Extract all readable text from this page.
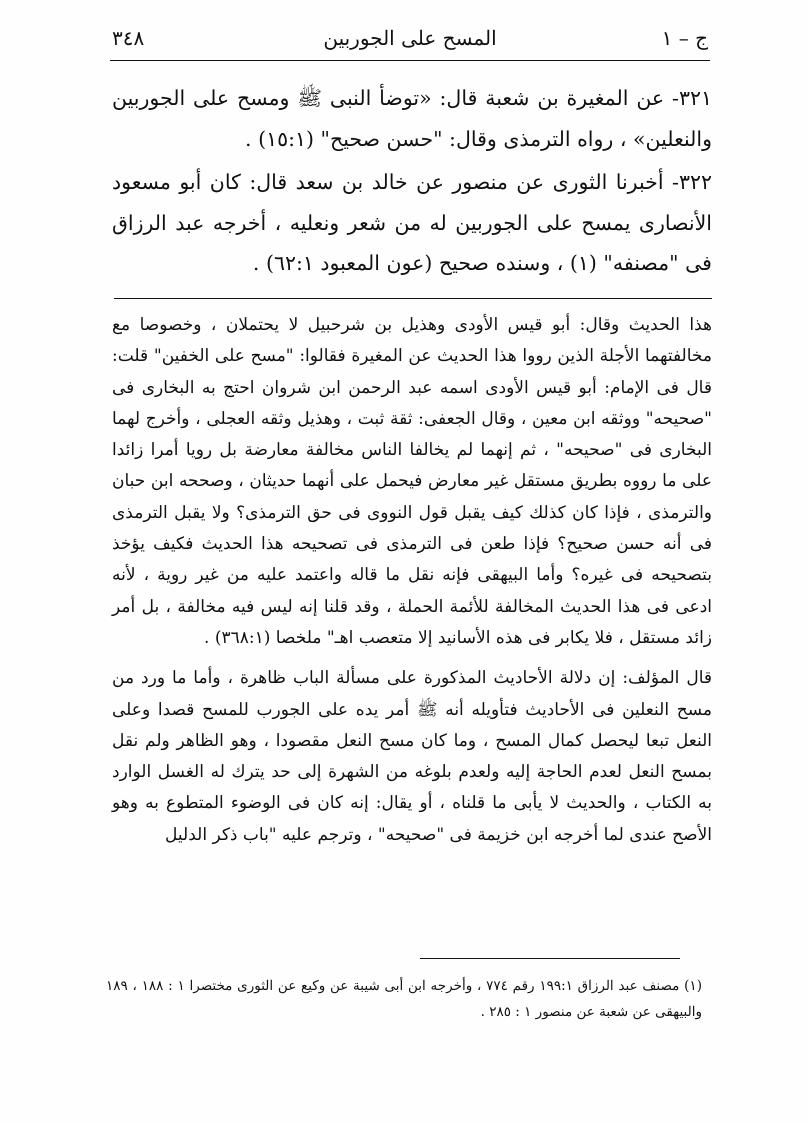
ج – ١
المسح على الجوربين
٣٤٨

٣٢١- عن المغيرة بن شعبة قال: «توضأ النبى ﷺ ومسح على الجوربين والنعلين» ، رواه الترمذى وقال: "حسن صحيح" (١٥:١) .

٣٢٢- أخبرنا الثورى عن منصور عن خالد بن سعد قال: كان أبو مسعود الأنصارى يمسح على الجوربين له من شعر ونعليه ، أخرجه عبد الرزاق فى "مصنفه" (١) ، وسنده صحيح (عون المعبود ٦٢:١) .

هذا الحديث وقال: أبو قيس الأودى وهذيل بن شرحبيل لا يحتملان ، وخصوصا مع مخالفتهما الأجلة الذين رووا هذا الحديث عن المغيرة فقالوا: "مسح على الخفين" قلت: قال فى الإمام: أبو قيس الأودى اسمه عبد الرحمن ابن شروان احتج به البخارى فى "صحيحه" ووثقه ابن معين ، وقال الجعفى: ثقة ثبت ، وهذيل وثقه العجلى ، وأخرج لهما البخارى فى "صحيحه" ، ثم إنهما لم يخالفا الناس مخالفة معارضة بل رويا أمرا زائدا على ما رووه بطريق مستقل غير معارض فيحمل على أنهما حديثان ، وصححه ابن حبان والترمذى ، فإذا كان كذلك كيف يقبل قول النووى فى حق الترمذى؟ ولا يقبل الترمذى فى أنه حسن صحيح؟ فإذا طعن فى الترمذى فى تصحيحه هذا الحديث فكيف يؤخذ بتصحيحه فى غيره؟ وأما البيهقى فإنه نقل ما قاله واعتمد عليه من غير روية ، لأنه ادعى فى هذا الحديث المخالفة للأئمة الحملة ، وقد قلنا إنه ليس فيه مخالفة ، بل أمر زائد مستقل ، فلا يكابر فى هذه الأسانيد إلا متعصب اهـ" ملخصا (٣٦٨:١) .

قال المؤلف: إن دلالة الأحاديث المذكورة على مسألة الباب ظاهرة ، وأما ما ورد من مسح النعلين فى الأحاديث فتأويله أنه ﷺ أمر يده على الجورب للمسح قصدا وعلى النعل تبعا ليحصل كمال المسح ، وما كان مسح النعل مقصودا ، وهو الظاهر ولم نقل بمسح النعل لعدم الحاجة إليه ولعدم بلوغه من الشهرة إلى حد يترك له الغسل الوارد به الكتاب ، والحديث لا يأبى ما قلناه ، أو يقال: إنه كان فى الوضوء المتطوع به وهو الأصح عندى لما أخرجه ابن خزيمة فى "صحيحه" ، وترجم عليه "باب ذكر الدليل

(١) مصنف عبد الرزاق ١٩٩:١ رقم ٧٧٤ ، وأخرجه ابن أبى شيبة عن وكيع عن الثورى مختصرا ١ : ١٨٨ ، ١٨٩ والبيهقى عن شعبة عن منصور ١ : ٢٨٥ .
